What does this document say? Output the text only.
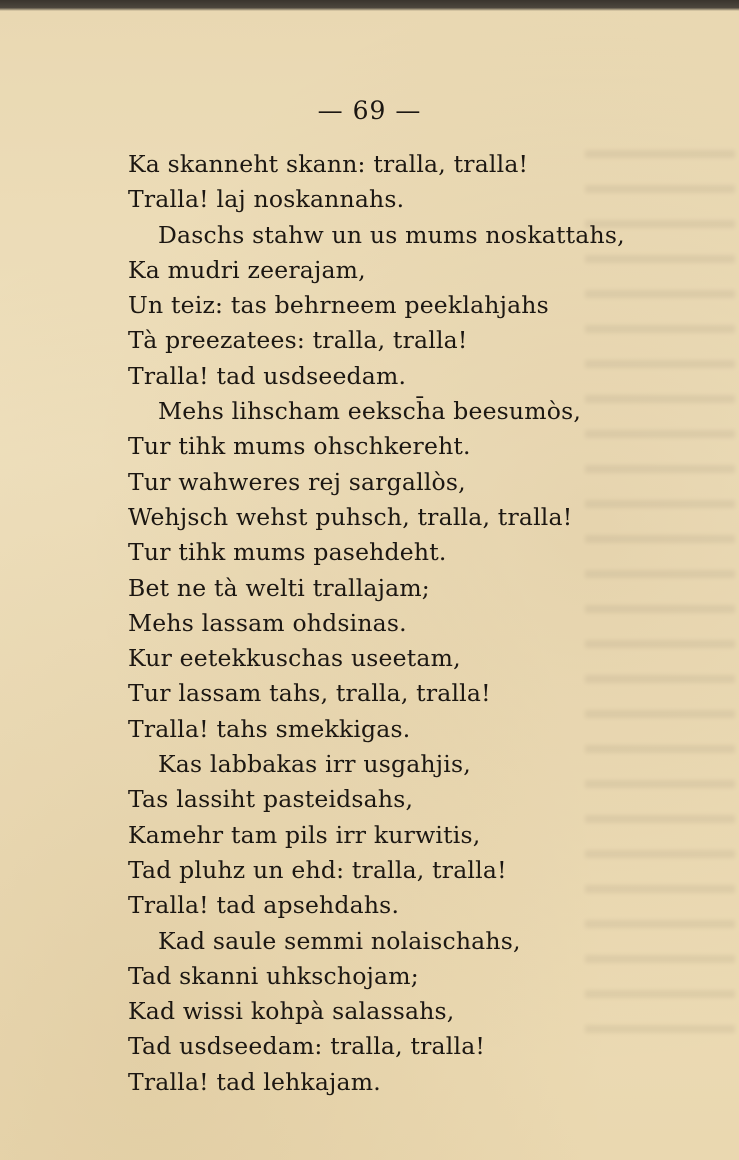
— 69 —
Ka skanneht skann: tralla, tralla!
Tralla! laj noskannahs.
Daschs stahw un us mums noskattahs,
Ka mudri zeerajam,
Un teiz: tas behrneem peeklahjahs
Tà preezatees: tralla, tralla!
Tralla! tad usdseedam.
Mehs lihscham eeksch̄a beesumòs,
Tur tihk mums ohschkereht.
Tur wahweres rej sargallòs,
Wehjsch wehst puhsch, tralla, tralla!
Tur tihk mums pasehdeht.
Bet ne tà welti trallajam;
Mehs lassam ohdsinas.
Kur eetekkuschas useetam,
Tur lassam tahs, tralla, tralla!
Tralla! tahs smekkigas.
Kas labbakas irr usgahjis,
Tas lassiht pasteidsahs,
Kamehr tam pils irr kurwitis,
Tad pluhz un ehd: tralla, tralla!
Tralla! tad apsehdahs.
Kad saule semmi nolaischahs,
Tad skanni uhkschojam;
Kad wissi kohpà salassahs,
Tad usdseedam: tralla, tralla!
Tralla! tad lehkajam.
